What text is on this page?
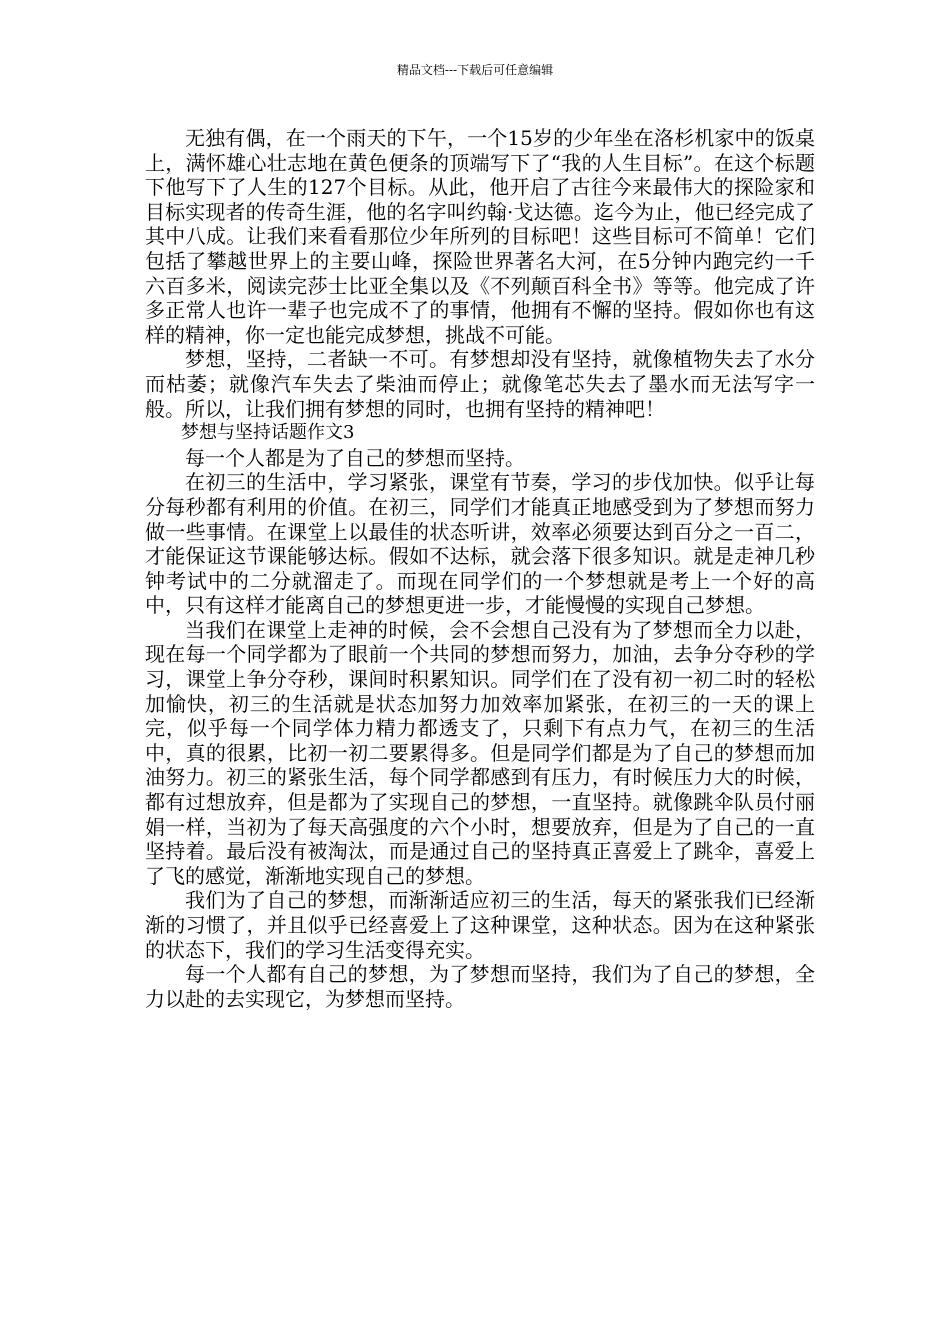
精品文档---下载后可任意编辑

无独有偶，在一个雨天的下午，一个15岁的少年坐在洛杉机家中的饭桌上，满怀雄心壮志地在黄色便条的顶端写下了“我的人生目标”。在这个标题下他写下了人生的127个目标。从此，他开启了古往今来最伟大的探险家和目标实现者的传奇生涯，他的名字叫约翰·戈达德。迄今为止，他已经完成了其中八成。让我们来看看那位少年所列的目标吧！这些目标可不简单！它们包括了攀越世界上的主要山峰，探险世界著名大河，在5分钟内跑完约一千六百多米，阅读完莎士比亚全集以及《不列颠百科全书》等等。他完成了许多正常人也许一辈子也完成不了的事情，他拥有不懈的坚持。假如你也有这样的精神，你一定也能完成梦想，挑战不可能。

梦想，坚持，二者缺一不可。有梦想却没有坚持，就像植物失去了水分而枯萎；就像汽车失去了柴油而停止；就像笔芯失去了墨水而无法写字一般。所以，让我们拥有梦想的同时，也拥有坚持的精神吧！

梦想与坚持话题作文3

每一个人都是为了自己的梦想而坚持。

在初三的生活中，学习紧张，课堂有节奏，学习的步伐加快。似乎让每分每秒都有利用的价值。在初三，同学们才能真正地感受到为了梦想而努力做一些事情。在课堂上以最佳的状态听讲，效率必须要达到百分之一百二，才能保证这节课能够达标。假如不达标，就会落下很多知识。就是走神几秒钟考试中的二分就溜走了。而现在同学们的一个梦想就是考上一个好的高中，只有这样才能离自己的梦想更进一步，才能慢慢的实现自己梦想。

当我们在课堂上走神的时候，会不会想自己没有为了梦想而全力以赴，现在每一个同学都为了眼前一个共同的梦想而努力，加油，去争分夺秒的学习，课堂上争分夺秒，课间时积累知识。同学们在了没有初一初二时的轻松加愉快，初三的生活就是状态加努力加效率加紧张，在初三的一天的课上完，似乎每一个同学体力精力都透支了，只剩下有点力气，在初三的生活中，真的很累，比初一初二要累得多。但是同学们都是为了自己的梦想而加油努力。初三的紧张生活，每个同学都感到有压力，有时候压力大的时候，都有过想放弃，但是都为了实现自己的梦想，一直坚持。就像跳伞队员付丽娟一样，当初为了每天高强度的六个小时，想要放弃，但是为了自己的一直坚持着。最后没有被淘汰，而是通过自己的坚持真正喜爱上了跳伞，喜爱上了飞的感觉，渐渐地实现自己的梦想。

我们为了自己的梦想，而渐渐适应初三的生活，每天的紧张我们已经渐渐的习惯了，并且似乎已经喜爱上了这种课堂，这种状态。因为在这种紧张的状态下，我们的学习生活变得充实。

每一个人都有自己的梦想，为了梦想而坚持，我们为了自己的梦想，全力以赴的去实现它，为梦想而坚持。
